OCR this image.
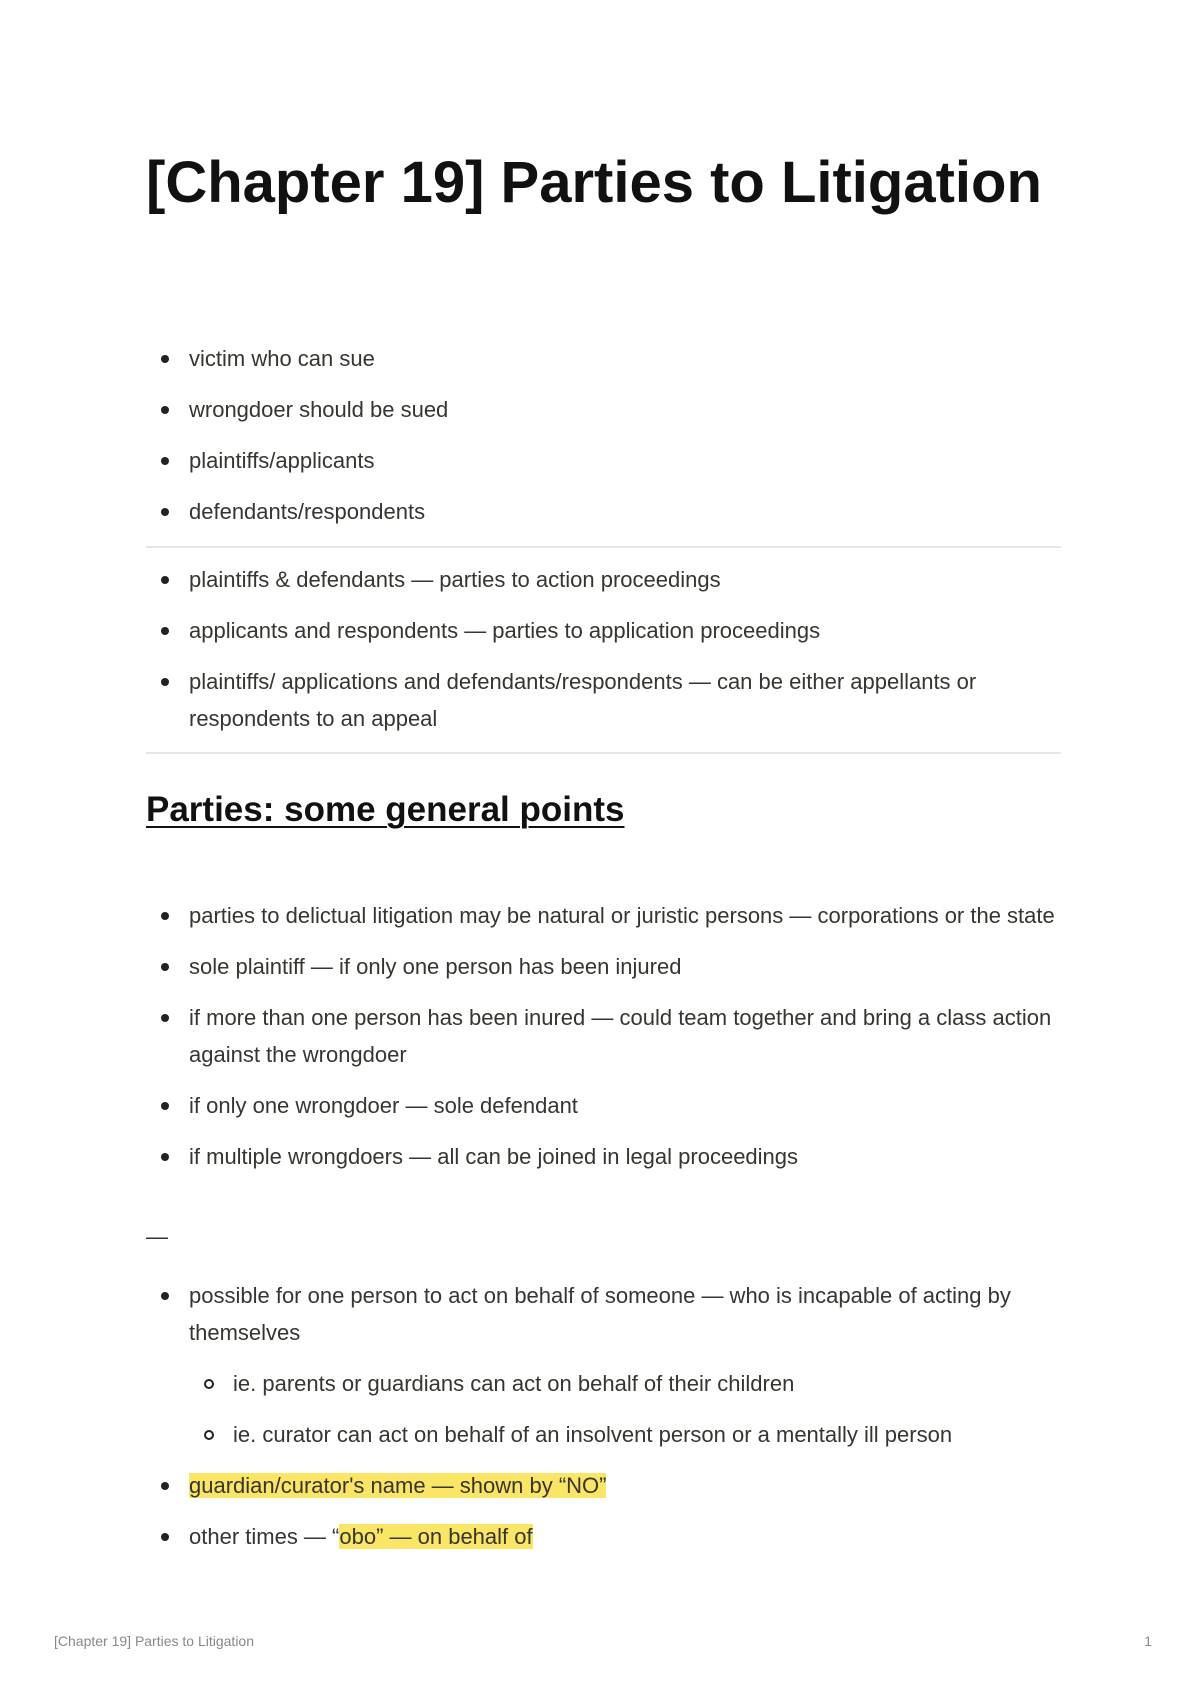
[Chapter 19] Parties to Litigation
victim who can sue
wrongdoer should be sued
plaintiffs/applicants
defendants/respondents
plaintiffs & defendants — parties to action proceedings
applicants and respondents — parties to application proceedings
plaintiffs/ applications and defendants/respondents — can be either appellants or respondents to an appeal
Parties: some general points
parties to delictual litigation may be natural or juristic persons — corporations or the state
sole plaintiff — if only one person has been injured
if more than one person has been inured — could team together and bring a class action against the wrongdoer
if only one wrongdoer — sole defendant
if multiple wrongdoers — all can be joined in legal proceedings
—
possible for one person to act on behalf of someone — who is incapable of acting by themselves
ie. parents or guardians can act on behalf of their children
ie. curator can act on behalf of an insolvent person or a mentally ill person
guardian/curator's name — shown by “NO”
other times — “obo” — on behalf of
[Chapter 19] Parties to Litigation	1
